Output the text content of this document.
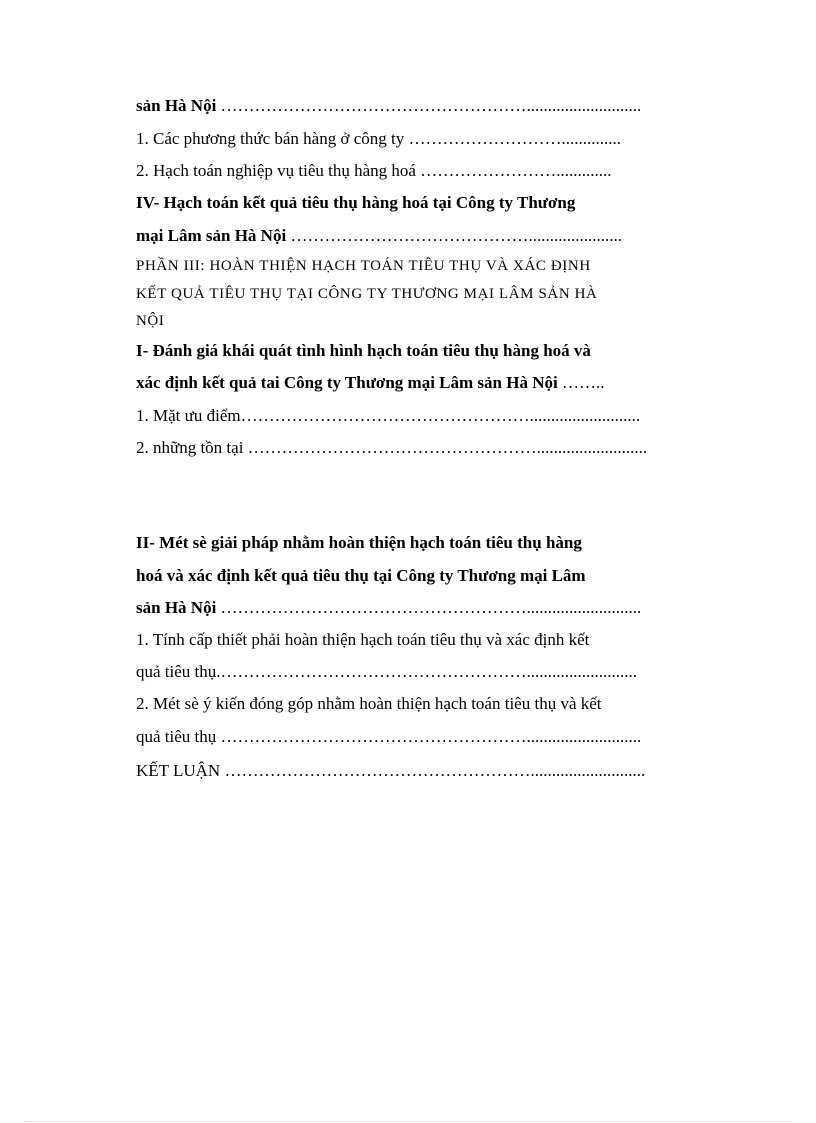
sản Hà Nội ………………………………………………...........................
1. Các phương thức bán hàng ở công ty ………………………..............
2. Hạch toán nghiệp vụ tiêu thụ hàng hoá …………………….............
IV- Hạch toán kết quả tiêu thụ hàng hoá tại Công ty Thương
mại Lâm sản Hà Nội ……………………………………......................
PHẦN III: HOÀN THIỆN HẠCH TOÁN TIÊU THỤ VÀ XÁC ĐỊNH
KẾT QUẢ TIÊU THỤ TẠI CÔNG TY THƯƠNG MẠI LÂM SẢN HÀ
NỘI
I- Đánh giá khái quát tình hình hạch toán tiêu thụ hàng hoá và
xác định kết quả tai Công ty Thương mại Lâm sản Hà Nội ……..
1. Mặt ưu điểm……………………………………………..........................
2. những tồn tại ……………………………………………..........................
II- Mét sè giải pháp nhằm hoàn thiện hạch toán tiêu thụ hàng
hoá và xác định kết quả tiêu thụ tại Công ty Thương mại Lâm
sản Hà Nội ………………………………………………...........................
1. Tính cấp thiết phải hoàn thiện hạch toán tiêu thụ và xác định kết
quả tiêu thụ.………………………………………………..........................
2. Mét sè ý kiến đóng góp nhằm hoàn thiện hạch toán tiêu thụ và kết
quả tiêu thụ ………………………………………………...........................
KẾT LUẬN ………………………………………………...........................
